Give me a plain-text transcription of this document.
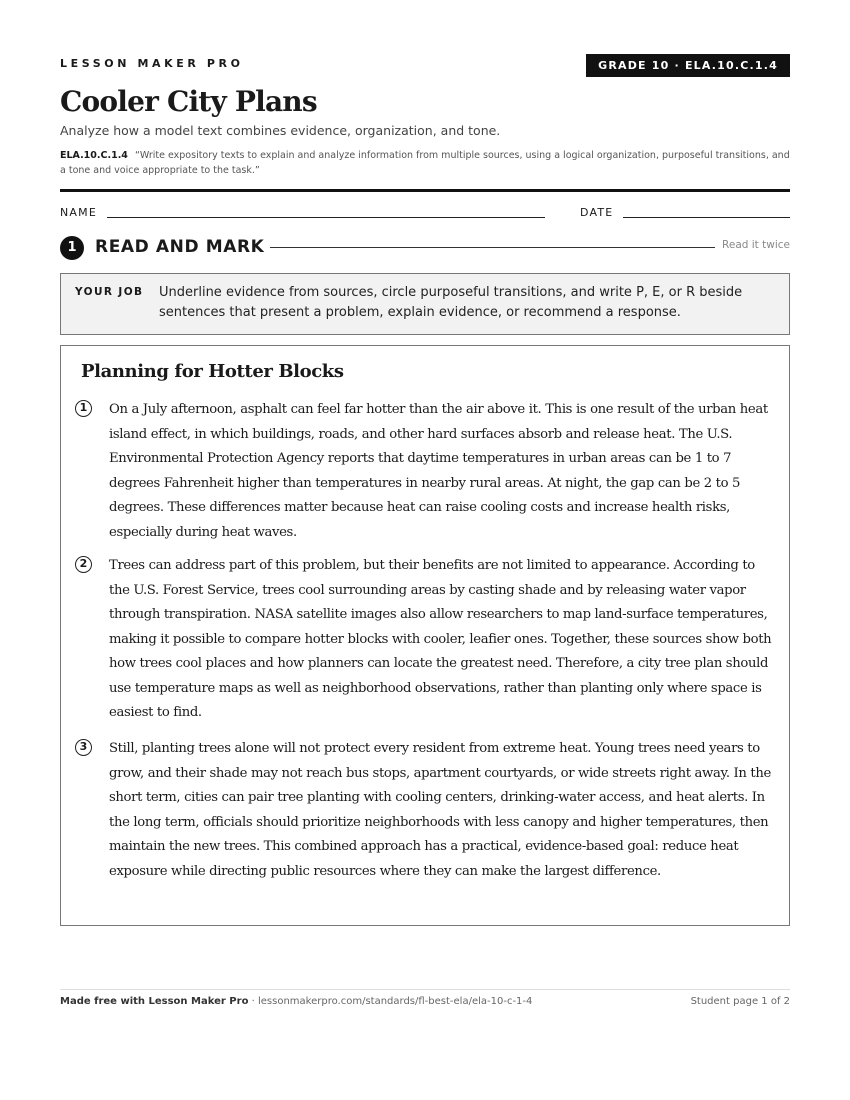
LESSON MAKER PRO	GRADE 10 · ELA.10.C.1.4
Cooler City Plans
Analyze how a model text combines evidence, organization, and tone.
ELA.10.C.1.4 “Write expository texts to explain and analyze information from multiple sources, using a logical organization, purposeful transitions, and a tone and voice appropriate to the task.”
NAME	DATE
1	READ AND MARK	Read it twice
YOUR JOB Underline evidence from sources, circle purposeful transitions, and write P, E, or R beside sentences that present a problem, explain evidence, or recommend a response.
Planning for Hotter Blocks
1	On a July afternoon, asphalt can feel far hotter than the air above it. This is one result of the urban heat island effect, in which buildings, roads, and other hard surfaces absorb and release heat. The U.S. Environmental Protection Agency reports that daytime temperatures in urban areas can be 1 to 7 degrees Fahrenheit higher than temperatures in nearby rural areas. At night, the gap can be 2 to 5 degrees. These differences matter because heat can raise cooling costs and increase health risks, especially during heat waves.

2	Trees can address part of this problem, but their benefits are not limited to appearance. According to the U.S. Forest Service, trees cool surrounding areas by casting shade and by releasing water vapor through transpiration. NASA satellite images also allow researchers to map land-surface temperatures, making it possible to compare hotter blocks with cooler, leafier ones. Together, these sources show both how trees cool places and how planners can locate the greatest need. Therefore, a city tree plan should use temperature maps as well as neighborhood observations, rather than planting only where space is easiest to find.

3	Still, planting trees alone will not protect every resident from extreme heat. Young trees need years to grow, and their shade may not reach bus stops, apartment courtyards, or wide streets right away. In the short term, cities can pair tree planting with cooling centers, drinking-water access, and heat alerts. In the long term, officials should prioritize neighborhoods with less canopy and higher temperatures, then maintain the new trees. This combined approach has a practical, evidence-based goal: reduce heat exposure while directing public resources where they can make the largest difference.

Made free with Lesson Maker Pro · lessonmakerpro.com/standards/fl-best-ela/ela-10-c-1-4	Student page 1 of 2
